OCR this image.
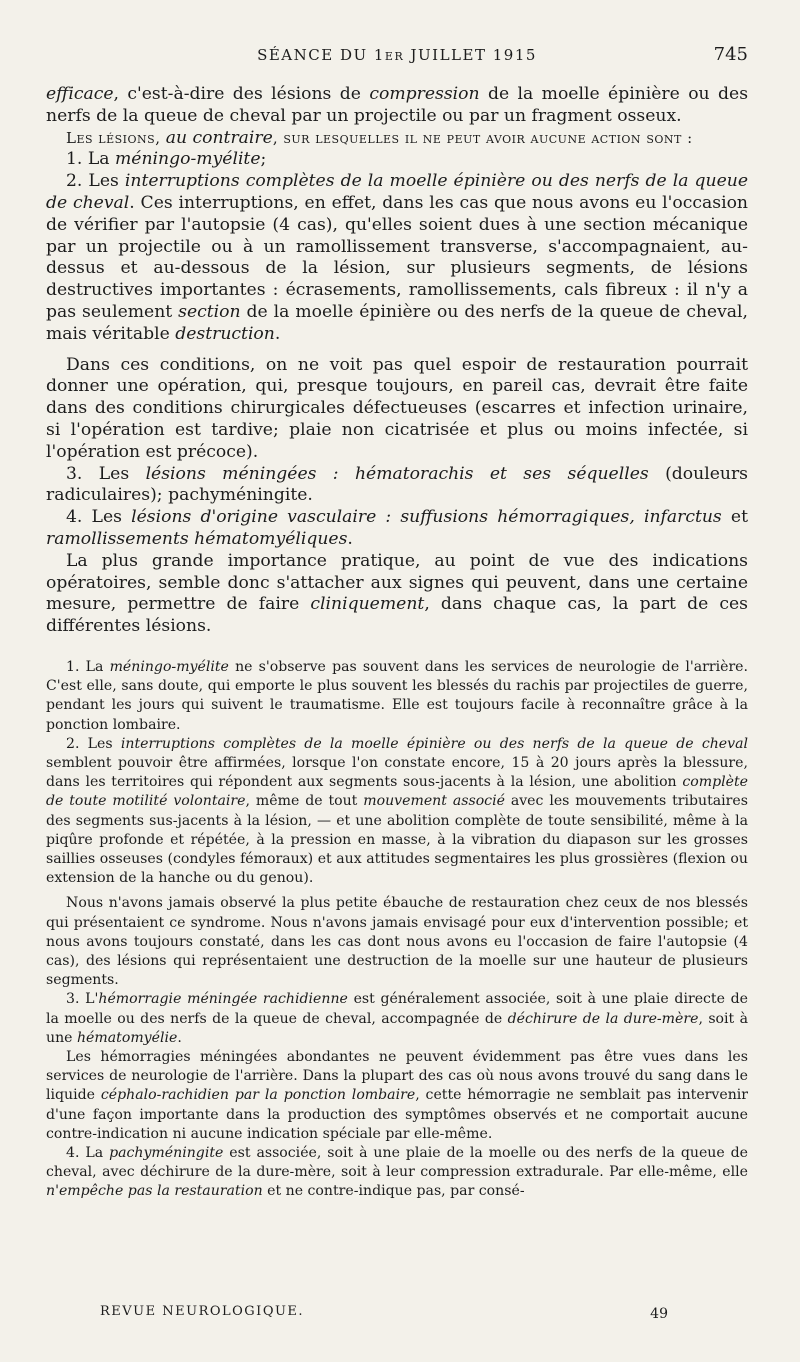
SÉANCE DU 1er JUILLET 1915	745

efficace, c'est-à-dire des lésions de compression de la moelle épinière ou des nerfs de la queue de cheval par un projectile ou par un fragment osseux.

Les lésions, au contraire, sur lesquelles il ne peut avoir aucune action sont :

1. La méningo-myélite;

2. Les interruptions complètes de la moelle épinière ou des nerfs de la queue de cheval. Ces interruptions, en effet, dans les cas que nous avons eu l'occasion de vérifier par l'autopsie (4 cas), qu'elles soient dues à une section mécanique par un projectile ou à un ramollissement transverse, s'accompagnaient, au-dessus et au-dessous de la lésion, sur plusieurs segments, de lésions destructives importantes : écrasements, ramollissements, cals fibreux : il n'y a pas seulement section de la moelle épinière ou des nerfs de la queue de cheval, mais véritable destruction.

Dans ces conditions, on ne voit pas quel espoir de restauration pourrait donner une opération, qui, presque toujours, en pareil cas, devrait être faite dans des conditions chirurgicales défectueuses (escarres et infection urinaire, si l'opération est tardive; plaie non cicatrisée et plus ou moins infectée, si l'opération est précoce).

3. Les lésions méningées : hématorachis et ses séquelles (douleurs radiculaires); pachyméningite.

4. Les lésions d'origine vasculaire : suffusions hémorragiques, infarctus et ramollissements hématomyéliques.

La plus grande importance pratique, au point de vue des indications opératoires, semble donc s'attacher aux signes qui peuvent, dans une certaine mesure, permettre de faire cliniquement, dans chaque cas, la part de ces différentes lésions.

1. La méningo-myélite ne s'observe pas souvent dans les services de neurologie de l'arrière. C'est elle, sans doute, qui emporte le plus souvent les blessés du rachis par projectiles de guerre, pendant les jours qui suivent le traumatisme. Elle est toujours facile à reconnaître grâce à la ponction lombaire.

2. Les interruptions complètes de la moelle épinière ou des nerfs de la queue de cheval semblent pouvoir être affirmées, lorsque l'on constate encore, 15 à 20 jours après la blessure, dans les territoires qui répondent aux segments sous-jacents à la lésion, une abolition complète de toute motilité volontaire, même de tout mouvement associé avec les mouvements tributaires des segments sus-jacents à la lésion, — et une abolition complète de toute sensibilité, même à la piqûre profonde et répétée, à la pression en masse, à la vibration du diapason sur les grosses saillies osseuses (condyles fémoraux) et aux attitudes segmentaires les plus grossières (flexion ou extension de la hanche ou du genou).

Nous n'avons jamais observé la plus petite ébauche de restauration chez ceux de nos blessés qui présentaient ce syndrome. Nous n'avons jamais envisagé pour eux d'intervention possible; et nous avons toujours constaté, dans les cas dont nous avons eu l'occasion de faire l'autopsie (4 cas), des lésions qui représentaient une destruction de la moelle sur une hauteur de plusieurs segments.

3. L'hémorragie méningée rachidienne est généralement associée, soit à une plaie directe de la moelle ou des nerfs de la queue de cheval, accompagnée de déchirure de la dure-mère, soit à une hématomyélie.

Les hémorragies méningées abondantes ne peuvent évidemment pas être vues dans les services de neurologie de l'arrière. Dans la plupart des cas où nous avons trouvé du sang dans le liquide céphalo-rachidien par la ponction lombaire, cette hémorragie ne semblait pas intervenir d'une façon importante dans la production des symptômes observés et ne comportait aucune contre-indication ni aucune indication spéciale par elle-même.

4. La pachyméningite est associée, soit à une plaie de la moelle ou des nerfs de la queue de cheval, avec déchirure de la dure-mère, soit à leur compression extradurale. Par elle-même, elle n'empêche pas la restauration et ne contre-indique pas, par consé-

REVUE NEUROLOGIQUE.	49
